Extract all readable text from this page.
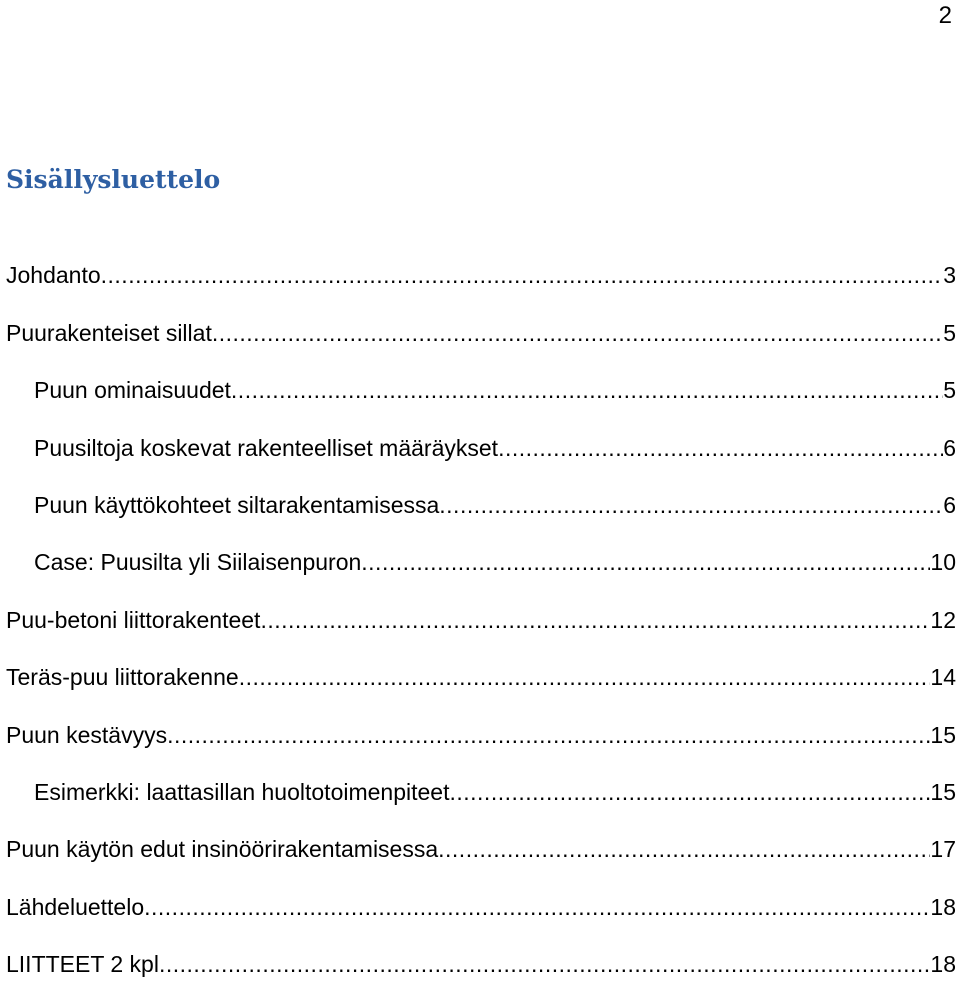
2
Sisällysluettelo
Johdanto .....	3
Puurakenteiset sillat .....	5
Puun ominaisuudet .....	5
Puusiltoja koskevat rakenteelliset määräykset .....	6
Puun käyttökohteet siltarakentamisessa .....	6
Case: Puusilta yli Siilaisenpuron .....	10
Puu-betoni liittorakenteet .....	12
Teräs-puu liittorakenne .....	14
Puun kestävyys .....	15
Esimerkki: laattasillan huoltotoimenpiteet .....	15
Puun käytön edut insinöörirakentamisessa .....	17
Lähdeluettelo .....	18
LIITTEET 2 kpl .....	18
